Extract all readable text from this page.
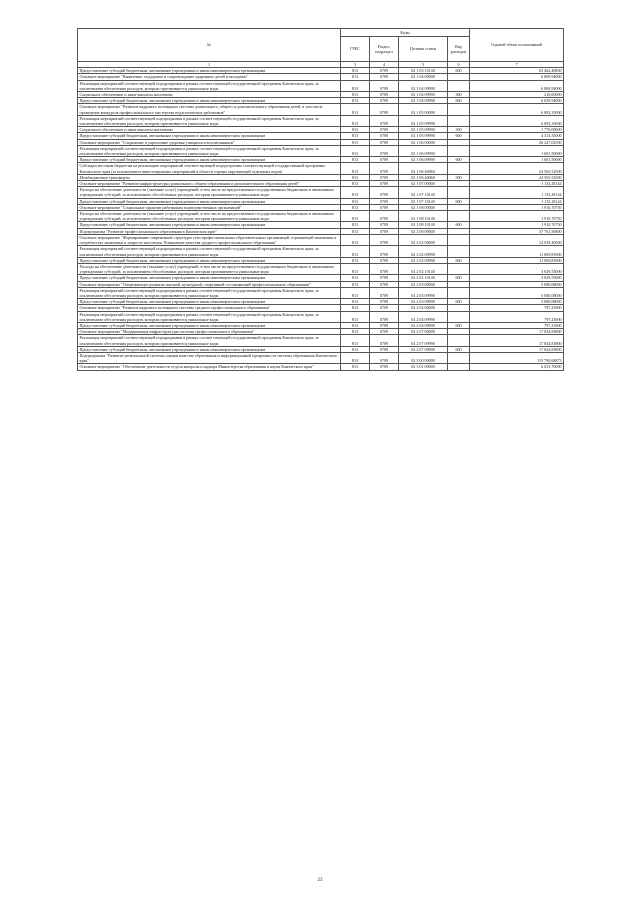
№	Коды				Годовой объем ассигнований
	ГРБС	Раздел, подраздел	Целевая статья	Вид расходов	
1	3	4	5	6	7
Предоставление субсидий бюджетным, автономным учреждениям и иным некоммерческим организациям	813	0709	02 1 03 10140	600	65 462,40800
Основное мероприятие "Выявление, поддержка и сопровождение одаренных детей и молодежи"	813	0709	02 1 04 00000		6 869,94000
Реализация мероприятий соответствующей подпрограммы в рамках соответствующей государственной программы Камчатского края, за исключением обеспечения расходов, которым присваиваются уникальные коды	813	0709	02 1 04 09990		6 869,94000
Социальное обеспечение и иные выплаты населению	813	0709	02 1 04 09990	300	210,00000
Предоставление субсидий бюджетным, автономным учреждениям и иным некоммерческим организациям	813	0709	02 1 04 09990	600	6 659,94000
Основное мероприятие "Развитие кадрового потенциала системы дошкольного, общего и дополнительного образования детей, в том числе проведение конкурсов профессионального мастерства педагогических работников"	813	0709	02 1 05 00000		6 083,35000
Реализация мероприятий соответствующей подпрограммы в рамках соответствующей государственной программы Камчатского края, за исключением обеспечения расходов, которым присваиваются уникальные коды	813	0709	02 1 05 09990		6 083,35000
Социальное обеспечение и иные выплаты населению	813	0709	02 1 05 09990	300	1 770,00000
Предоставление субсидий бюджетным, автономным учреждениям и иным некоммерческим организациям	813	0709	02 1 05 09990	600	4 313,35000
Основное мероприятие "Сохранение и укрепление здоровья учащихся и воспитанников"	813	0709	02 1 06 00000		26 247,02500
Реализация мероприятий соответствующей подпрограммы в рамках соответствующей государственной программы Камчатского края, за исключением обеспечения расходов, которым присваиваются уникальные коды	813	0709	02 1 06 09990		1 681,50000
Предоставление субсидий бюджетным, автономным учреждениям и иным некоммерческим организациям	813	0709	02 1 06 09990	600	1 681,50000
Субсидии местным бюджетам на реализацию мероприятий соответствующей подпрограммы соответствующей государственной программы Камчатского края (за исключением инвестиционных мероприятий в области охраны окружающей отдельных кодов)	813	0709	02 1 06 40060		24 565,52500
Межбюджетные трансферты	813	0709	02 1 06 40060	500	24 565,52500
Основное мероприятие "Развитие инфраструктуры дошкольного, общего образования и дополнительного образования детей"	813	0709	02 1 07 00000		1 133,28144
Расходы на обеспечение деятельности (оказание услуг) учреждений, в том числе на предоставление государственным бюджетным и автономным учреждениям субсидий, за исключением обособленных расходов, которым присваиваются уникальные коды	813	0709	02 1 07 10140		1 133,28144
Предоставление субсидий бюджетным, автономным учреждениям и иным некоммерческим организациям	813	0709	02 1 07 10140	600	1 133,28144
Основное мероприятие "Социальные гарантии работникам подведомственных организаций"	813	0709	02 1 08 00000		1 910,70750
Расходы на обеспечение деятельности (оказание услуг) учреждений, в том числе на предоставление государственным бюджетным и автономным учреждениям субсидий, за исключением обособленных расходов, которым присваиваются уникальные коды	813	0709	02 1 08 10140		1 910,70750
Предоставление субсидий бюджетным, автономным учреждениям и иным некоммерческим организациям	813	0709	02 1 08 10140	600	1 910,70750
Подпрограмма "Развитие профессионального образования в Камчатском крае"	813	0709	02 2 00 00000		37 761,56800
Основное мероприятие "Формирование современной структуры сети профессиональных образовательных организаций, отражающей изменения в потребностях экономики и запросах населения. Повышение качества среднего профессионального образования"	813	0709	02 2 02 00000		14 039,40000
Реализация мероприятий соответствующей подпрограммы в рамках соответствующей государственной программы Камчатского края, за исключением обеспечения расходов, которым присваиваются уникальные коды	813	0709	02 2 02 09990		11 009,85000
Предоставление субсидий бюджетным, автономным учреждениям и иным некоммерческим организациям	813	0709	02 2 02 09990	600	11 009,85000
Расходы на обеспечение деятельности (оказание услуг) учреждений, в том числе на предоставление государственным бюджетным и автономным учреждениям субсидий, за исключением обособленных расходов, которым присваиваются уникальные коды	813	0709	02 2 02 10140		3 029,55000
Предоставление субсидий бюджетным, автономным учреждениям и иным некоммерческим организациям	813	0709	02 2 02 10140	600	3 029,55000
Основное мероприятие "Опережающее развитие научной, культурной, спортивной составляющей профессионального образования"	813	0709	02 2 03 00000		5 080,08000
Реализация мероприятий соответствующей подпрограммы в рамках соответствующей государственной программы Камчатского края, за исключением обеспечения расходов, которым присваиваются уникальные коды	813	0709	02 2 03 09990		5 080,08000
Предоставление субсидий бюджетным, автономным учреждениям и иным некоммерческим организациям	813	0709	02 2 03 09990	600	5 080,08000
Основное мероприятие "Развитие кадрового потенциала системы среднего профессионального образования"	813	0709	02 2 04 00000		797,25000
Реализация мероприятий соответствующей подпрограммы в рамках соответствующей государственной программы Камчатского края, за исключением обеспечения расходов, которым присваиваются уникальные коды	813	0709	02 2 04 09990		797,25000
Предоставление субсидий бюджетным, автономным учреждениям и иным некоммерческим организациям	813	0709	02 2 04 09990	600	797,25000
Основное мероприятие "Модернизация инфраструктуры системы профессионального образования"	813	0709	02 2 07 00000		17 844,83800
Реализация мероприятий соответствующей подпрограммы в рамках соответствующей государственной программы Камчатского края, за исключением обеспечения расходов, которым присваиваются уникальные коды	813	0709	02 2 07 09990		17 844,83800
Предоставление субсидий бюджетным, автономным учреждениям и иным некоммерческим организациям	813	0709	02 2 07 09990	600	17 844,83800
Подпрограмма "Развитие региональной системы оценки качества образования и информационной прозрачности системы образования Камчатского края"	813	0709	02 3 00 00000		115 790,68873
Основное мероприятие "Обеспечение деятельности отдела контроля и надзора Министерства образования и науки Камчатского края"	813	0709	02 3 01 00000		6 023,70000
23
